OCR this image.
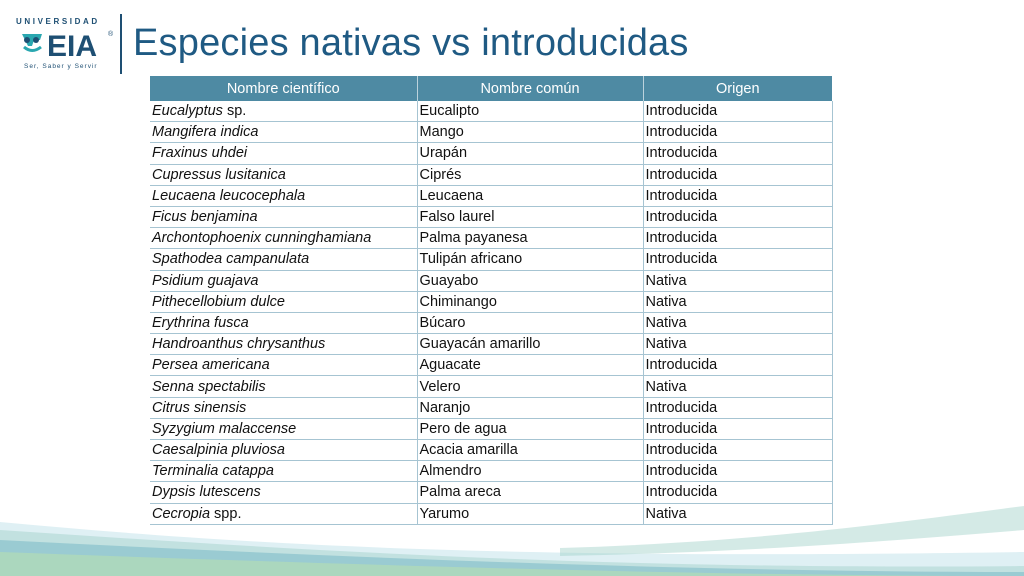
UNIVERSIDAD
EIA ®
Ser, Saber y Servir
Especies nativas vs introducidas
Nombre científico	Nombre común	Origen
Eucalyptus sp.	Eucalipto	Introducida
Mangifera indica	Mango	Introducida
Fraxinus uhdei	Urapán	Introducida
Cupressus lusitanica	Ciprés	Introducida
Leucaena leucocephala	Leucaena	Introducida
Ficus benjamina	Falso laurel	Introducida
Archontophoenix cunninghamiana	Palma payanesa	Introducida
Spathodea campanulata	Tulipán africano	Introducida
Psidium guajava	Guayabo	Nativa
Pithecellobium dulce	Chiminango	Nativa
Erythrina fusca	Búcaro	Nativa
Handroanthus chrysanthus	Guayacán amarillo	Nativa
Persea americana	Aguacate	Introducida
Senna spectabilis	Velero	Nativa
Citrus sinensis	Naranjo	Introducida
Syzygium malaccense	Pero de agua	Introducida
Caesalpinia pluviosa	Acacia amarilla	Introducida
Terminalia catappa	Almendro	Introducida
Dypsis lutescens	Palma areca	Introducida
Cecropia spp.	Yarumo	Nativa
